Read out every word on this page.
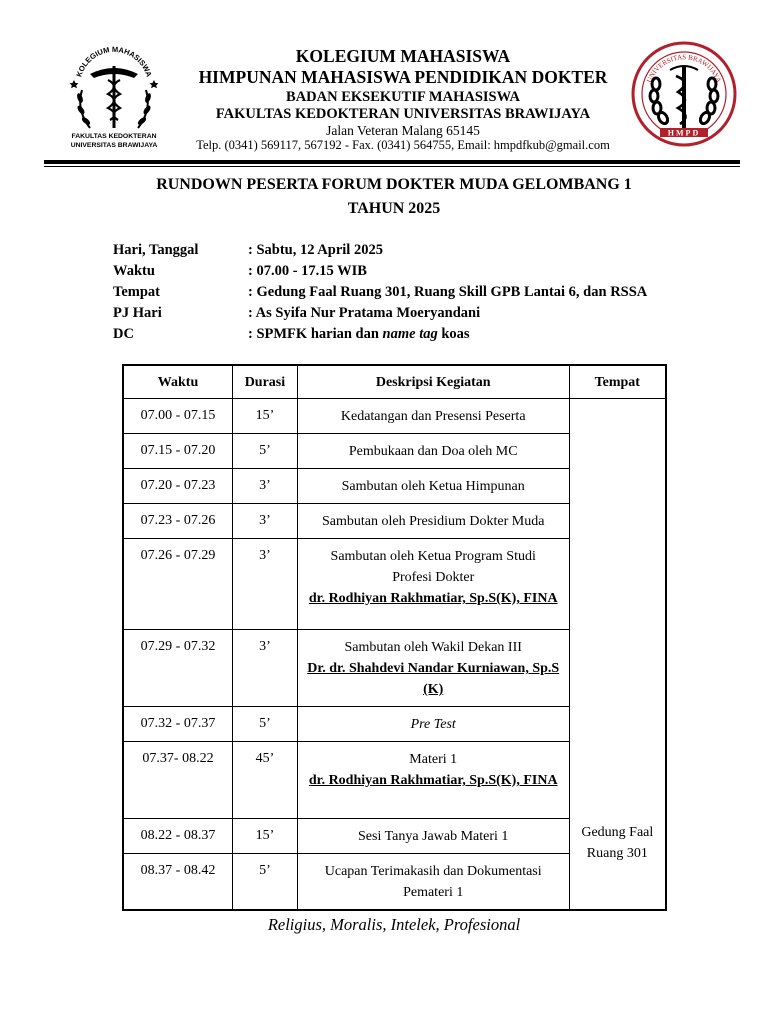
KOLEGIUM MAHASISWA
FAKULTAS KEDOKTERAN
UNIVERSITAS BRAWIJAYA
UNIVERSITAS BRAWIJAYA
HMPD
KOLEGIUM MAHASISWA
HIMPUNAN MAHASISWA PENDIDIKAN DOKTER
BADAN EKSEKUTIF MAHASISWA
FAKULTAS KEDOKTERAN UNIVERSITAS BRAWIJAYA
Jalan Veteran Malang 65145
Telp. (0341) 569117, 567192 - Fax. (0341) 564755, Email: hmpdfkub@gmail.com
RUNDOWN PESERTA FORUM DOKTER MUDA GELOMBANG 1
TAHUN 2025
Hari, Tanggal	: Sabtu, 12 April 2025
Waktu	: 07.00 - 17.15 WIB
Tempat	: Gedung Faal Ruang 301, Ruang Skill GPB Lantai 6, dan RSSA
PJ Hari	: As Syifa Nur Pratama Moeryandani
DC	: SPMFK harian dan name tag koas
Waktu	Durasi	Deskripsi Kegiatan	Tempat
07.00 - 07.15	15’	Kedatangan dan Presensi Peserta	Gedung Faal Ruang 301

07.15 - 07.20	5’	Pembukaan dan Doa oleh MC	
07.20 - 07.23	3’	Sambutan oleh Ketua Himpunan	
07.23 - 07.26	3’	Sambutan oleh Presidium Dokter Muda	
07.26 - 07.29	3’	Sambutan oleh Ketua Program Studi Profesi Dokter
dr. Rodhiyan Rakhmatiar, Sp.S(K), FINA	

07.29 - 07.32	3’	Sambutan oleh Wakil Dekan III
Dr. dr. Shahdevi Nandar Kurniawan, Sp.S (K)	

07.32 - 07.37	5’	Pre Test	
07.37- 08.22	45’	Materi 1
dr. Rodhiyan Rakhmatiar, Sp.S(K), FINA	

08.22 - 08.37	15’	Sesi Tanya Jawab Materi 1	
08.37 - 08.42	5’	Ucapan Terimakasih dan Dokumentasi Pemateri 1	
Religius, Moralis, Intelek, Profesional
